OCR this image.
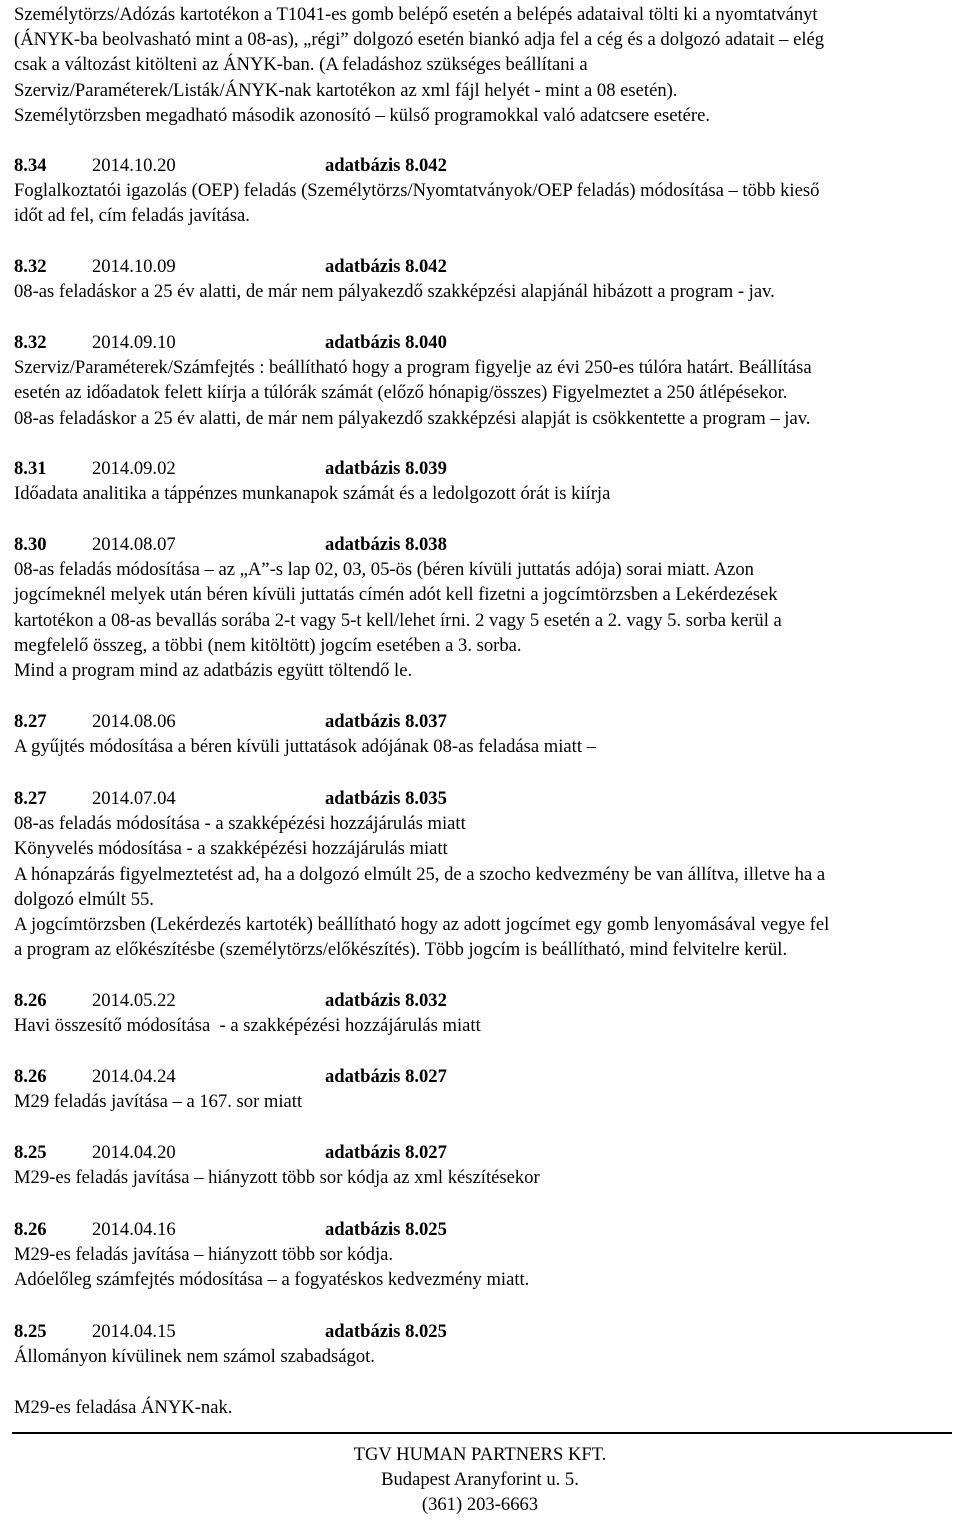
Személytörzs/Adózás kartotékon a T1041-es gomb belépő esetén a belépés adataival tölti ki a nyomtatványt

(ÁNYK-ba beolvasható mint a 08-as), „régi” dolgozó esetén biankó adja fel a cég és a dolgozó adatait – elég

csak a változást kitölteni az ÁNYK-ban. (A feladáshoz szükséges beállítani a

Szerviz/Paraméterek/Listák/ÁNYK-nak kartotékon az xml fájl helyét - mint a 08 esetén).

Személytörzsben megadható második azonosító – külső programokkal való adatcsere esetére.

8.34 2014.10.20	adatbázis 8.042

Foglalkoztatói igazolás (OEP) feladás (Személytörzs/Nyomtatványok/OEP feladás) módosítása – több kieső

időt ad fel, cím feladás javítása.

8.32 2014.10.09	adatbázis 8.042

08-as feladáskor a 25 év alatti, de már nem pályakezdő szakképzési alapjánál hibázott a program - jav.

8.32 2014.09.10	adatbázis 8.040

Szerviz/Paraméterek/Számfejtés : beállítható hogy a program figyelje az évi 250-es túlóra határt. Beállítása

esetén az időadatok felett kiírja a túlórák számát (előző hónapig/összes) Figyelmeztet a 250 átlépésekor.

08-as feladáskor a 25 év alatti, de már nem pályakezdő szakképzési alapját is csökkentette a program – jav.

8.31 2014.09.02	adatbázis 8.039

Időadata analitika a táppénzes munkanapok számát és a ledolgozott órát is kiírja

8.30 2014.08.07	adatbázis 8.038

08-as feladás módosítása – az „A”-s lap 02, 03, 05-ös (béren kívüli juttatás adója) sorai miatt. Azon

jogcímeknél melyek után béren kívüli juttatás címén adót kell fizetni a jogcímtörzsben a Lekérdezések

kartotékon a 08-as bevallás sorába 2-t vagy 5-t kell/lehet írni. 2 vagy 5 esetén a 2. vagy 5. sorba kerül a

megfelelő összeg, a többi (nem kitöltött) jogcím esetében a 3. sorba.

Mind a program mind az adatbázis együtt töltendő le.

8.27 2014.08.06	adatbázis 8.037

A gyűjtés módosítása a béren kívüli juttatások adójának 08-as feladása miatt –

8.27 2014.07.04	adatbázis 8.035

08-as feladás módosítása - a szakképézési hozzájárulás miatt

Könyvelés módosítása - a szakképézési hozzájárulás miatt

A hónapzárás figyelmeztetést ad, ha a dolgozó elmúlt 25, de a szocho kedvezmény be van állítva, illetve ha a

dolgozó elmúlt 55.

A jogcímtörzsben (Lekérdezés kartoték) beállítható hogy az adott jogcímet egy gomb lenyomásával vegye fel

a program az előkészítésbe (személytörzs/előkészítés). Több jogcím is beállítható, mind felvitelre kerül.

8.26 2014.05.22	adatbázis 8.032

Havi összesítő módosítása  - a szakképézési hozzájárulás miatt

8.26 2014.04.24	adatbázis 8.027

M29 feladás javítása – a 167. sor miatt

8.25 2014.04.20	adatbázis 8.027

M29-es feladás javítása – hiányzott több sor kódja az xml készítésekor

8.26 2014.04.16	adatbázis 8.025

M29-es feladás javítása – hiányzott több sor kódja.

Adóelőleg számfejtés módosítása – a fogyatéskos kedvezmény miatt.

8.25 2014.04.15	adatbázis 8.025

Állományon kívülinek nem számol szabadságot.

M29-es feladása ÁNYK-nak.

TGV HUMAN PARTNERS KFT.
Budapest Aranyforint u. 5.
(361) 203-6663
